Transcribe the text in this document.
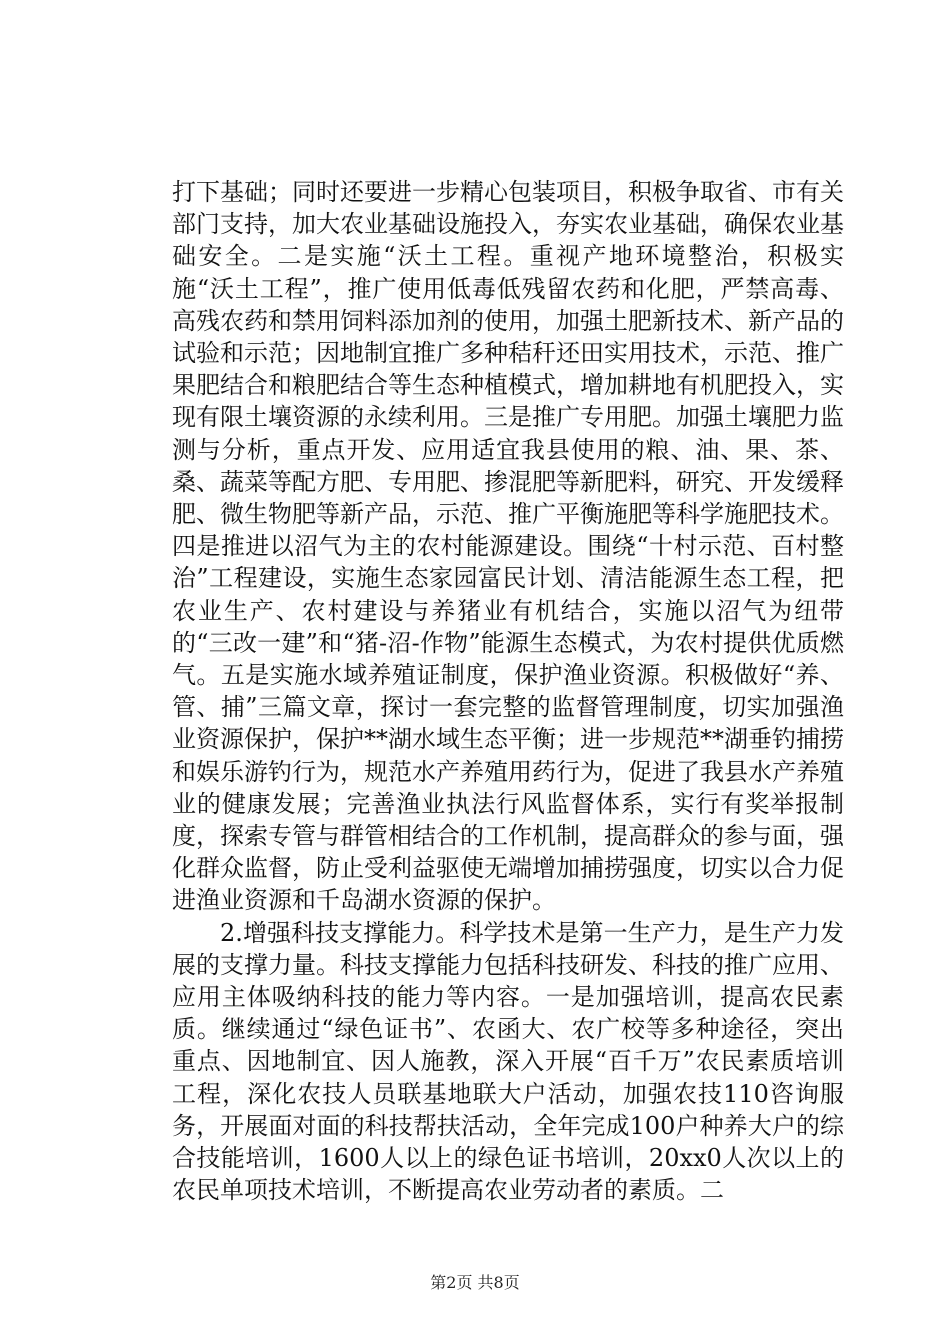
打下基础；同时还要进一步精心包装项目，积极争取省、市有关部门支持，加大农业基础设施投入，夯实农业基础，确保农业基础安全。二是实施“沃土工程。重视产地环境整治，积极实施“沃土工程”，推广使用低毒低残留农药和化肥，严禁高毒、高残农药和禁用饲料添加剂的使用，加强土肥新技术、新产品的试验和示范；因地制宜推广多种秸秆还田实用技术，示范、推广果肥结合和粮肥结合等生态种植模式，增加耕地有机肥投入，实现有限土壤资源的永续利用。三是推广专用肥。加强土壤肥力监测与分析，重点开发、应用适宜我县使用的粮、油、果、茶、桑、蔬菜等配方肥、专用肥、掺混肥等新肥料，研究、开发缓释肥、微生物肥等新产品，示范、推广平衡施肥等科学施肥技术。四是推进以沼气为主的农村能源建设。围绕“十村示范、百村整治”工程建设，实施生态家园富民计划、清洁能源生态工程，把农业生产、农村建设与养猪业有机结合，实施以沼气为纽带的“三改一建”和“猪-沼-作物”能源生态模式，为农村提供优质燃气。五是实施水域养殖证制度，保护渔业资源。积极做好“养、管、捕”三篇文章，探讨一套完整的监督管理制度，切实加强渔业资源保护，保护**湖水域生态平衡；进一步规范**湖垂钓捕捞和娱乐游钓行为，规范水产养殖用药行为，促进了我县水产养殖业的健康发展；完善渔业执法行风监督体系，实行有奖举报制度，探索专管与群管相结合的工作机制，提高群众的参与面，强化群众监督，防止受利益驱使无端增加捕捞强度，切实以合力促进渔业资源和千岛湖水资源的保护。

2.增强科技支撑能力。科学技术是第一生产力，是生产力发展的支撑力量。科技支撑能力包括科技研发、科技的推广应用、应用主体吸纳科技的能力等内容。一是加强培训，提高农民素质。继续通过“绿色证书”、农函大、农广校等多种途径，突出重点、因地制宜、因人施教，深入开展“百千万”农民素质培训工程，深化农技人员联基地联大户活动，加强农技110咨询服务，开展面对面的科技帮扶活动，全年完成100户种养大户的综合技能培训，1600人以上的绿色证书培训，20xx0人次以上的农民单项技术培训，不断提高农业劳动者的素质。二

第2页 共8页
